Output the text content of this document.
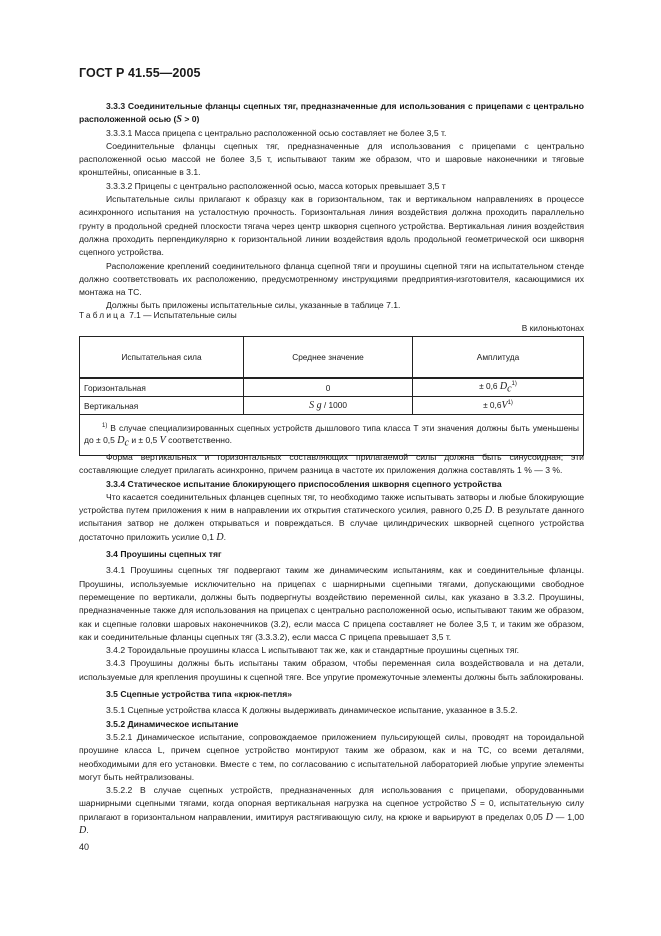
ГОСТ Р 41.55—2005

3.3.3 Соединительные фланцы сцепных тяг, предназначенные для использования с прицепами с центрально расположенной осью (S > 0)

3.3.3.1 Масса прицепа с центрально расположенной осью составляет не более 3,5 т.

Соединительные фланцы сцепных тяг, предназначенные для использования с прицепами с центрально расположенной осью массой не более 3,5 т, испытывают таким же образом, что и шаровые наконечники и тяговые кронштейны, описанные в 3.1.

3.3.3.2 Прицепы с центрально расположенной осью, масса которых превышает 3,5 т

Испытательные силы прилагают к образцу как в горизонтальном, так и вертикальном направлениях в процессе асинхронного испытания на усталостную прочность. Горизонтальная линия воздействия должна проходить параллельно грунту в продольной средней плоскости тягача через центр шкворня сцепного устройства. Вертикальная линия воздействия должна проходить перпендикулярно к горизонтальной линии воздействия вдоль продольной геометрической оси шкворня сцепного устройства.

Расположение креплений соединительного фланца сцепной тяги и проушины сцепной тяги на испытательном стенде должно соответствовать их расположению, предусмотренному инструкциями предприятия-изготовителя, касающимися их монтажа на ТС.

Должны быть приложены испытательные силы, указанные в таблице 7.1.

Таблица 7.1 — Испытательные силы
В килоньютонах
Испытательная сила	Среднее значение	Амплитуда
Горизонтальная	0	± 0,6 $D_c^{1)}$
Вертикальная	S g / 1000	± $0,6V^{1)}$
$^{1)}$ В случае специализированных сцепных устройств дышлового типа класса Т эти значения должны быть уменьшены до ± 0,5 $D_c$ и ± 0,5 V соответственно.		

Форма вертикальных и горизонтальных составляющих прилагаемой силы должна быть синусоидная; эти составляющие следует прилагать асинхронно, причем разница в частоте их приложения должна составлять 1 % — 3 %.

3.3.4 Статическое испытание блокирующего приспособления шкворня сцепного устройства

Что касается соединительных фланцев сцепных тяг, то необходимо также испытывать затворы и любые блокирующие устройства путем приложения к ним в направлении их открытия статического усилия, равного 0,25 D. В результате данного испытания затвор не должен открываться и повреждаться. В случае цилиндрических шкворней сцепного устройства достаточно приложить усилие 0,1 D.

3.4 Проушины сцепных тяг

3.4.1 Проушины сцепных тяг подвергают таким же динамическим испытаниям, как и соединительные фланцы. Проушины, используемые исключительно на прицепах с шарнирными сцепными тягами, допускающими свободное перемещение по вертикали, должны быть подвергнуты воздействию переменной силы, как указано в 3.3.2. Проушины, предназначенные также для использования на прицепах с центрально расположенной осью, испытывают таким же образом, как и сцепные головки шаровых наконечников (3.2), если масса C прицепа составляет не более 3,5 т, и таким же образом, как и соединительные фланцы сцепных тяг (3.3.3.2), если масса C прицепа превышает 3,5 т.

3.4.2 Тороидальные проушины класса L испытывают так же, как и стандартные проушины сцепных тяг.

3.4.3 Проушины должны быть испытаны таким образом, чтобы переменная сила воздействовала и на детали, используемые для крепления проушины к сцепной тяге. Все упругие промежуточные элементы должны быть заблокированы.

3.5 Сцепные устройства типа «крюк-петля»

3.5.1 Сцепные устройства класса К должны выдерживать динамическое испытание, указанное в 3.5.2.

3.5.2 Динамическое испытание

3.5.2.1 Динамическое испытание, сопровождаемое приложением пульсирующей силы, проводят на тороидальной проушине класса L, причем сцепное устройство монтируют таким же образом, как и на ТС, со всеми деталями, необходимыми для его установки. Вместе с тем, по согласованию с испытательной лабораторией любые упругие элементы могут быть нейтрализованы.

3.5.2.2 В случае сцепных устройств, предназначенных для использования с прицепами, оборудованными шарнирными сцепными тягами, когда опорная вертикальная нагрузка на сцепное устройство S = 0, испытательную силу прилагают в горизонтальном направлении, имитируя растягивающую силу, на крюке и варьируют в пределах 0,05 D — 1,00 D.

40
